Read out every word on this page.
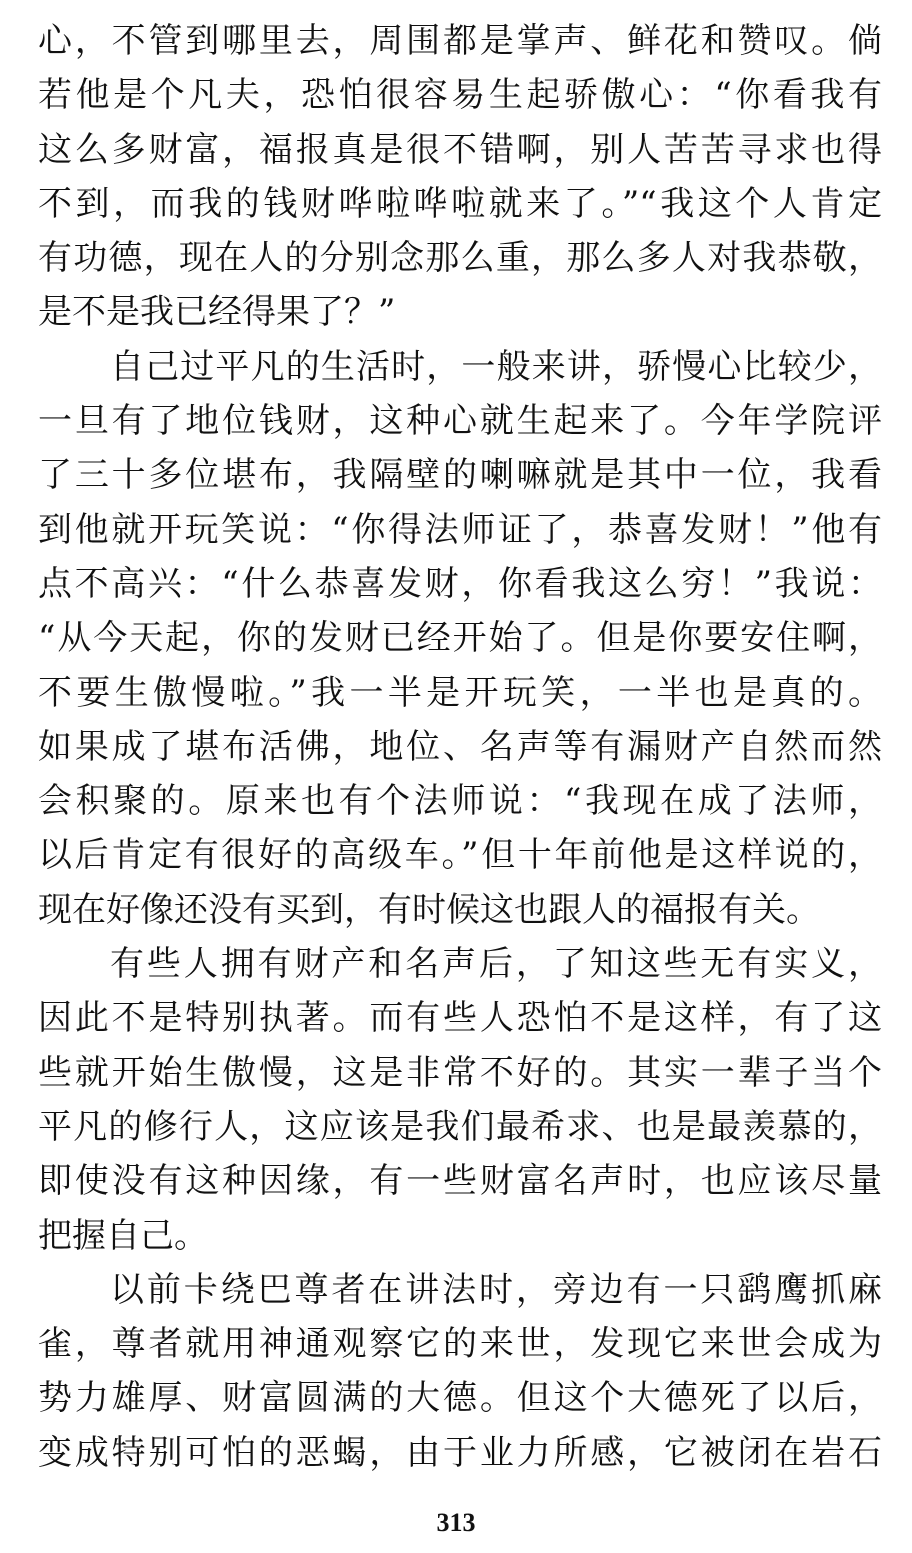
心，不管到哪里去，周围都是掌声、鲜花和赞叹。倘
若他是个凡夫，恐怕很容易生起骄傲心：“你看我有
这么多财富，福报真是很不错啊，别人苦苦寻求也得
不到，而我的钱财哗啦哗啦就来了。”“我这个人肯定
有功德，现在人的分别念那么重，那么多人对我恭敬，
是不是我已经得果了？”
自己过平凡的生活时，一般来讲，骄慢心比较少，
一旦有了地位钱财，这种心就生起来了。今年学院评
了三十多位堪布，我隔壁的喇嘛就是其中一位，我看
到他就开玩笑说：“你得法师证了，恭喜发财！”他有
点不高兴：“什么恭喜发财，你看我这么穷！”我说：
“从今天起，你的发财已经开始了。但是你要安住啊，
不要生傲慢啦。”我一半是开玩笑，一半也是真的。
如果成了堪布活佛，地位、名声等有漏财产自然而然
会积聚的。原来也有个法师说：“我现在成了法师，
以后肯定有很好的高级车。”但十年前他是这样说的，
现在好像还没有买到，有时候这也跟人的福报有关。
有些人拥有财产和名声后，了知这些无有实义，
因此不是特别执著。而有些人恐怕不是这样，有了这
些就开始生傲慢，这是非常不好的。其实一辈子当个
平凡的修行人，这应该是我们最希求、也是最羡慕的，
即使没有这种因缘，有一些财富名声时，也应该尽量
把握自己。
以前卡绕巴尊者在讲法时，旁边有一只鹞鹰抓麻
雀，尊者就用神通观察它的来世，发现它来世会成为
势力雄厚、财富圆满的大德。但这个大德死了以后，
变成特别可怕的恶蝎，由于业力所感，它被闭在岩石
313
